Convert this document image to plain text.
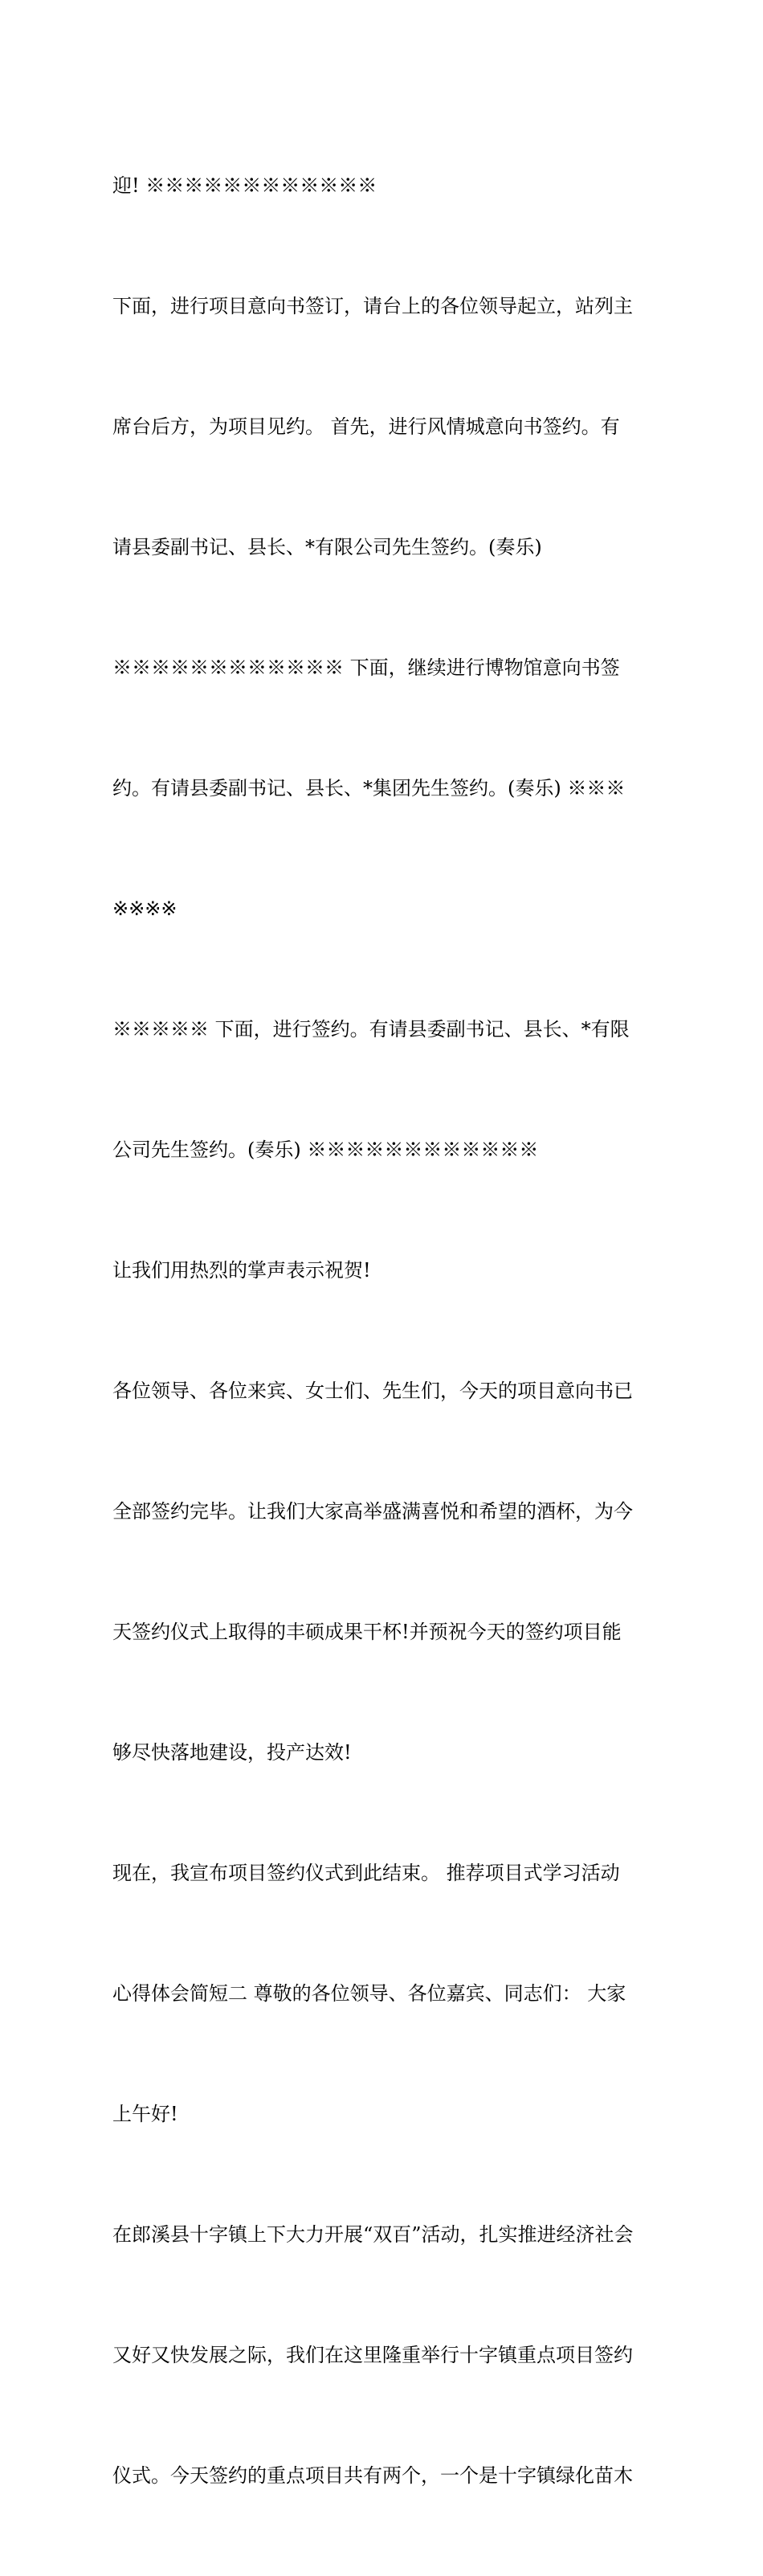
迎! ※※※※※※※※※※※※

下面，进行项目意向书签订，请台上的各位领导起立，站列主

席台后方，为项目见约。 首先，进行风情城意向书签约。有

请县委副书记、县长、*有限公司先生签约。(奏乐)

※※※※※※※※※※※※ 下面，继续进行博物馆意向书签

约。有请县委副书记、县长、*集团先生签约。(奏乐) ※※※

※※※※

※※※※※ 下面，进行签约。有请县委副书记、县长、*有限

公司先生签约。(奏乐) ※※※※※※※※※※※※

让我们用热烈的掌声表示祝贺!

各位领导、各位来宾、女士们、先生们，今天的项目意向书已

全部签约完毕。让我们大家高举盛满喜悦和希望的酒杯，为今

天签约仪式上取得的丰硕成果干杯!并预祝今天的签约项目能

够尽快落地建设，投产达效!

现在，我宣布项目签约仪式到此结束。 推荐项目式学习活动

心得体会简短二 尊敬的各位领导、各位嘉宾、同志们： 大家

上午好!

在郎溪县十字镇上下大力开展“双百”活动，扎实推进经济社会

又好又快发展之际，我们在这里隆重举行十字镇重点项目签约

仪式。今天签约的重点项目共有两个，一个是十字镇绿化苗木
